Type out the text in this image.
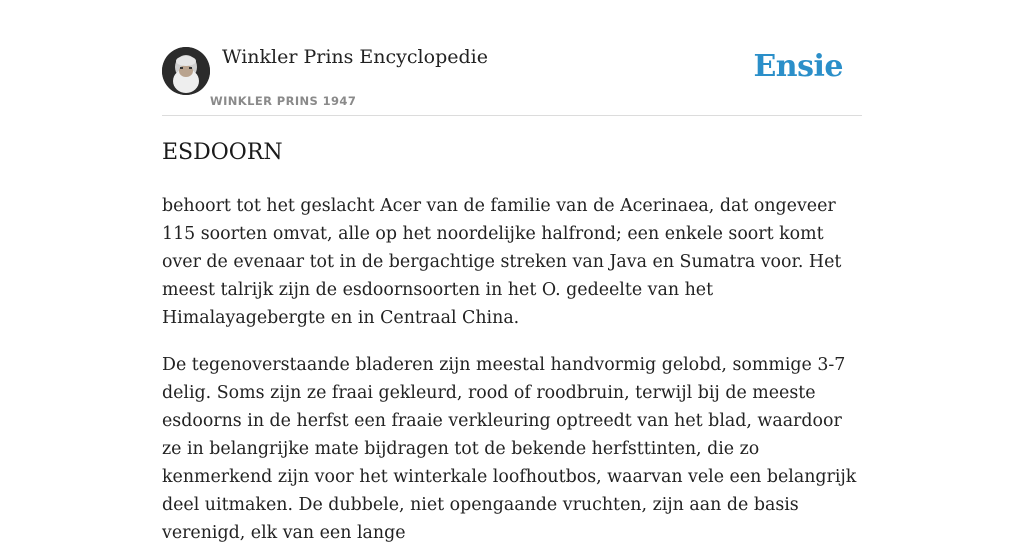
Winkler Prins Encyclopedie
WINKLER PRINS 1947
Ensie
ESDOORN

behoort tot het geslacht Acer van de familie van de Acerinaea, dat ongeveer 115 soorten omvat, alle op het noordelijke halfrond; een enkele soort komt over de evenaar tot in de bergachtige streken van Java en Sumatra voor. Het meest talrijk zijn de esdoornsoorten in het O. gedeelte van het Himalayagebergte en in Centraal China.

De tegenoverstaande bladeren zijn meestal handvormig gelobd, sommige 3-7 delig. Soms zijn ze fraai gekleurd, rood of roodbruin, terwijl bij de meeste esdoorns in de herfst een fraaie verkleuring optreedt van het blad, waardoor ze in belangrijke mate bijdragen tot de bekende herfsttinten, die zo kenmerkend zijn voor het winterkale loofhoutbos, waarvan vele een belangrijk deel uitmaken. De dubbele, niet opengaande vruchten, zijn aan de basis verenigd, elk van een lange
